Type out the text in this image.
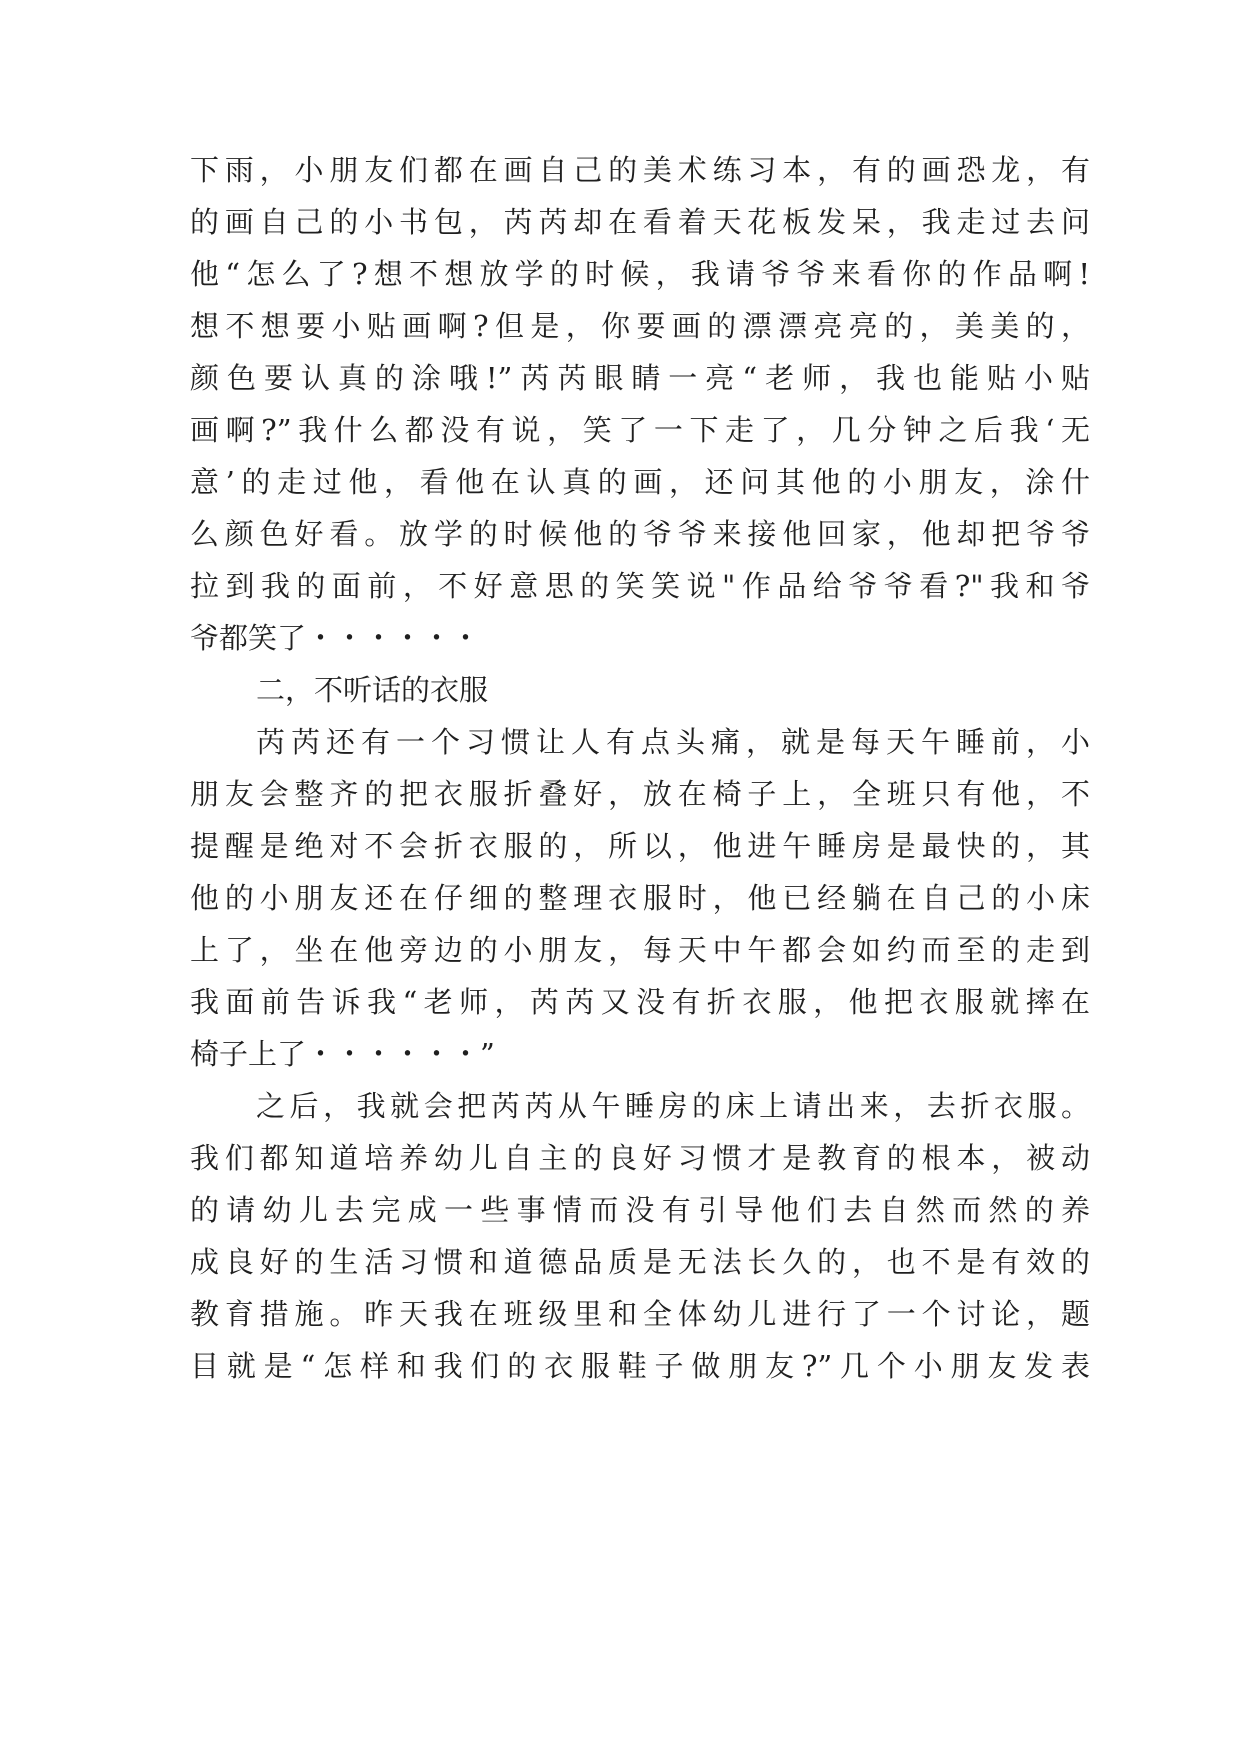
下雨，小朋友们都在画自己的美术练习本，有的画恐龙，有
的画自己的小书包，芮芮却在看着天花板发呆，我走过去问
他“怎么了?想不想放学的时候，我请爷爷来看你的作品啊!
想不想要小贴画啊?但是，你要画的漂漂亮亮的，美美的，
颜色要认真的涂哦!”芮芮眼睛一亮“老师，我也能贴小贴
画啊?”我什么都没有说，笑了一下走了，几分钟之后我‘无
意’的走过他，看他在认真的画，还问其他的小朋友，涂什
么颜色好看。放学的时候他的爷爷来接他回家，他却把爷爷
拉到我的面前，不好意思的笑笑说"作品给爷爷看?"我和爷
爷都笑了・・・・・・
二，不听话的衣服
芮芮还有一个习惯让人有点头痛，就是每天午睡前，小
朋友会整齐的把衣服折叠好，放在椅子上，全班只有他，不
提醒是绝对不会折衣服的，所以，他进午睡房是最快的，其
他的小朋友还在仔细的整理衣服时，他已经躺在自己的小床
上了，坐在他旁边的小朋友，每天中午都会如约而至的走到
我面前告诉我“老师，芮芮又没有折衣服，他把衣服就摔在
椅子上了・・・・・・”
之后，我就会把芮芮从午睡房的床上请出来，去折衣服。
我们都知道培养幼儿自主的良好习惯才是教育的根本，被动
的请幼儿去完成一些事情而没有引导他们去自然而然的养
成良好的生活习惯和道德品质是无法长久的，也不是有效的
教育措施。昨天我在班级里和全体幼儿进行了一个讨论，题
目就是“怎样和我们的衣服鞋子做朋友?”几个小朋友发表
